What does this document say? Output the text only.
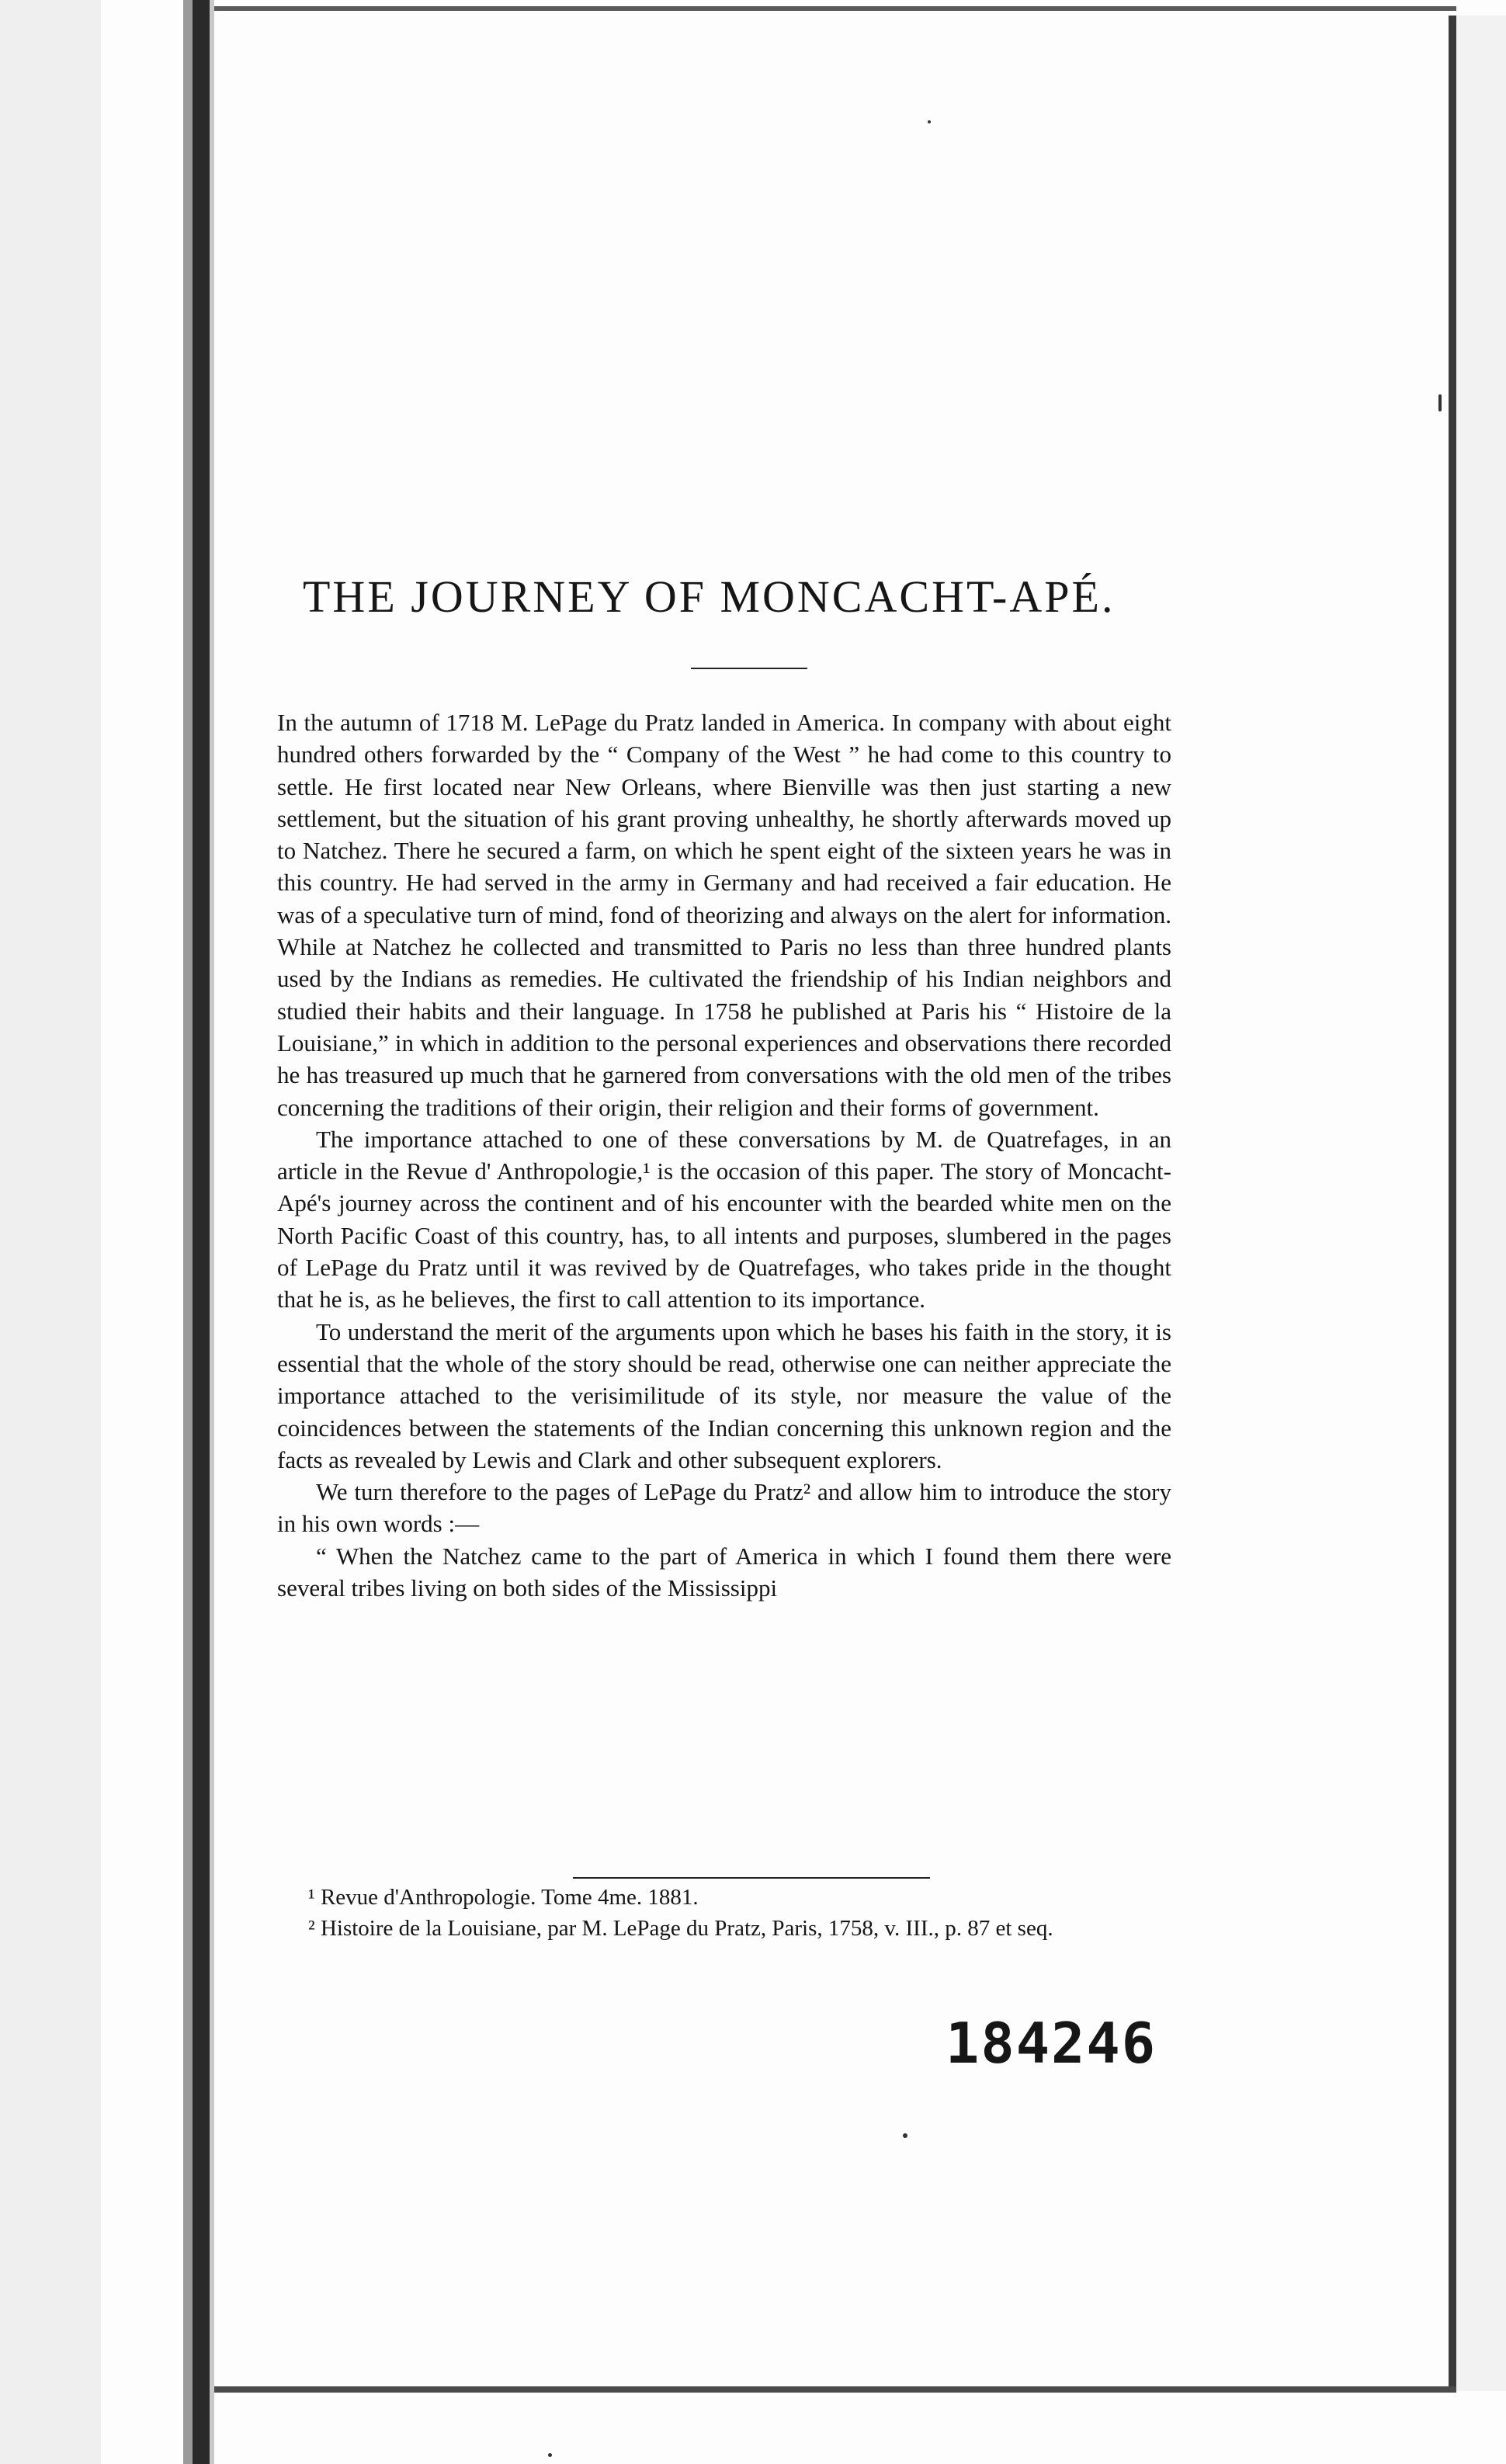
THE JOURNEY OF MONCACHT-APÉ.

In the autumn of 1718 M. LePage du Pratz landed in America. In company with about eight hundred others forwarded by the “ Company of the West ” he had come to this country to settle. He first located near New Orleans, where Bienville was then just starting a new settlement, but the situation of his grant proving unhealthy, he shortly afterwards moved up to Natchez. There he secured a farm, on which he spent eight of the sixteen years he was in this country. He had served in the army in Germany and had received a fair education. He was of a speculative turn of mind, fond of theorizing and always on the alert for information. While at Natchez he collected and transmitted to Paris no less than three hundred plants used by the Indians as remedies. He cultivated the friendship of his Indian neighbors and studied their habits and their language. In 1758 he published at Paris his “ Histoire de la Louisiane,” in which in addition to the personal experiences and observations there recorded he has treasured up much that he garnered from conversations with the old men of the tribes concerning the traditions of their origin, their religion and their forms of government.

The importance attached to one of these conversations by M. de Quatrefages, in an article in the Revue d' Anthropologie,¹ is the occasion of this paper. The story of Moncacht-Apé's journey across the continent and of his encounter with the bearded white men on the North Pacific Coast of this country, has, to all intents and purposes, slumbered in the pages of LePage du Pratz until it was revived by de Quatrefages, who takes pride in the thought that he is, as he believes, the first to call attention to its importance.

To understand the merit of the arguments upon which he bases his faith in the story, it is essential that the whole of the story should be read, otherwise one can neither appreciate the importance attached to the verisimilitude of its style, nor measure the value of the coincidences between the statements of the Indian concerning this unknown region and the facts as revealed by Lewis and Clark and other subsequent explorers.

We turn therefore to the pages of LePage du Pratz² and allow him to introduce the story in his own words :—

“ When the Natchez came to the part of America in which I found them there were several tribes living on both sides of the Mississippi

¹ Revue d'Anthropologie. Tome 4me. 1881.

² Histoire de la Louisiane, par M. LePage du Pratz, Paris, 1758, v. III., p. 87 et seq.

184246
